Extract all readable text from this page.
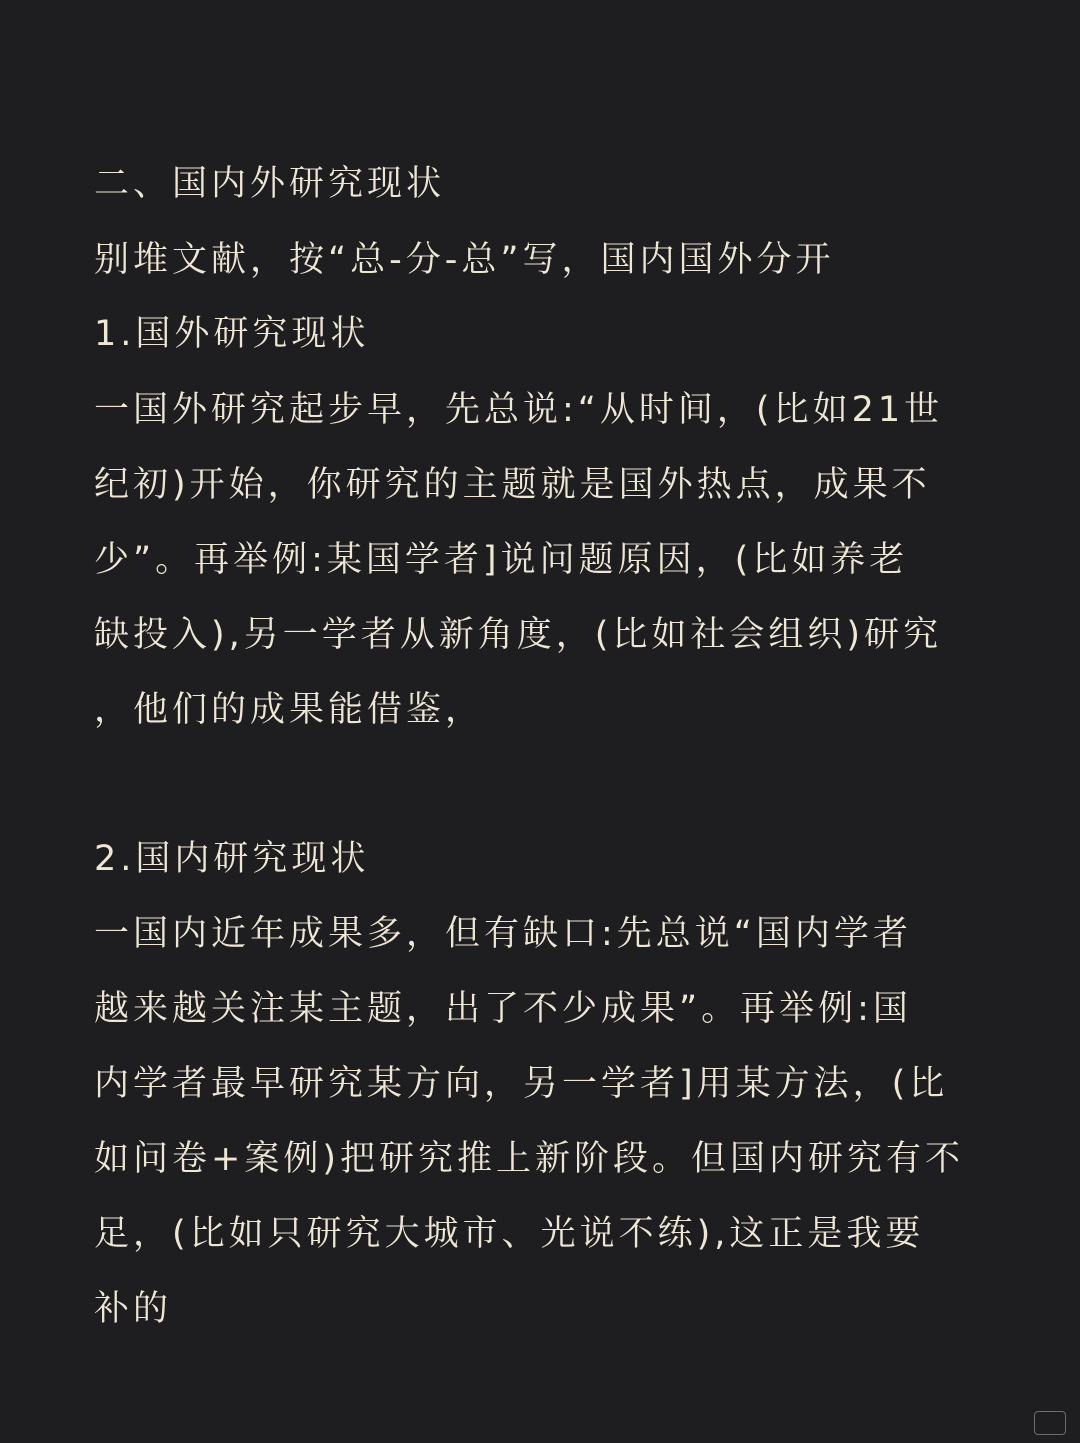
二、国内外研究现状
别堆文献，按“总-分-总”写，国内国外分开
1.国外研究现状
一国外研究起步早，先总说:“从时间，(比如21世
纪初)开始，你研究的主题就是国外热点，成果不
少”。再举例:某国学者]说问题原因，(比如养老
缺投入),另一学者从新角度，(比如社会组织)研究
，他们的成果能借鉴，
2.国内研究现状
一国内近年成果多，但有缺口:先总说“国内学者
越来越关注某主题，出了不少成果”。再举例:国
内学者最早研究某方向，另一学者]用某方法，(比
如问卷+案例)把研究推上新阶段。但国内研究有不
足，(比如只研究大城市、光说不练),这正是我要
补的
